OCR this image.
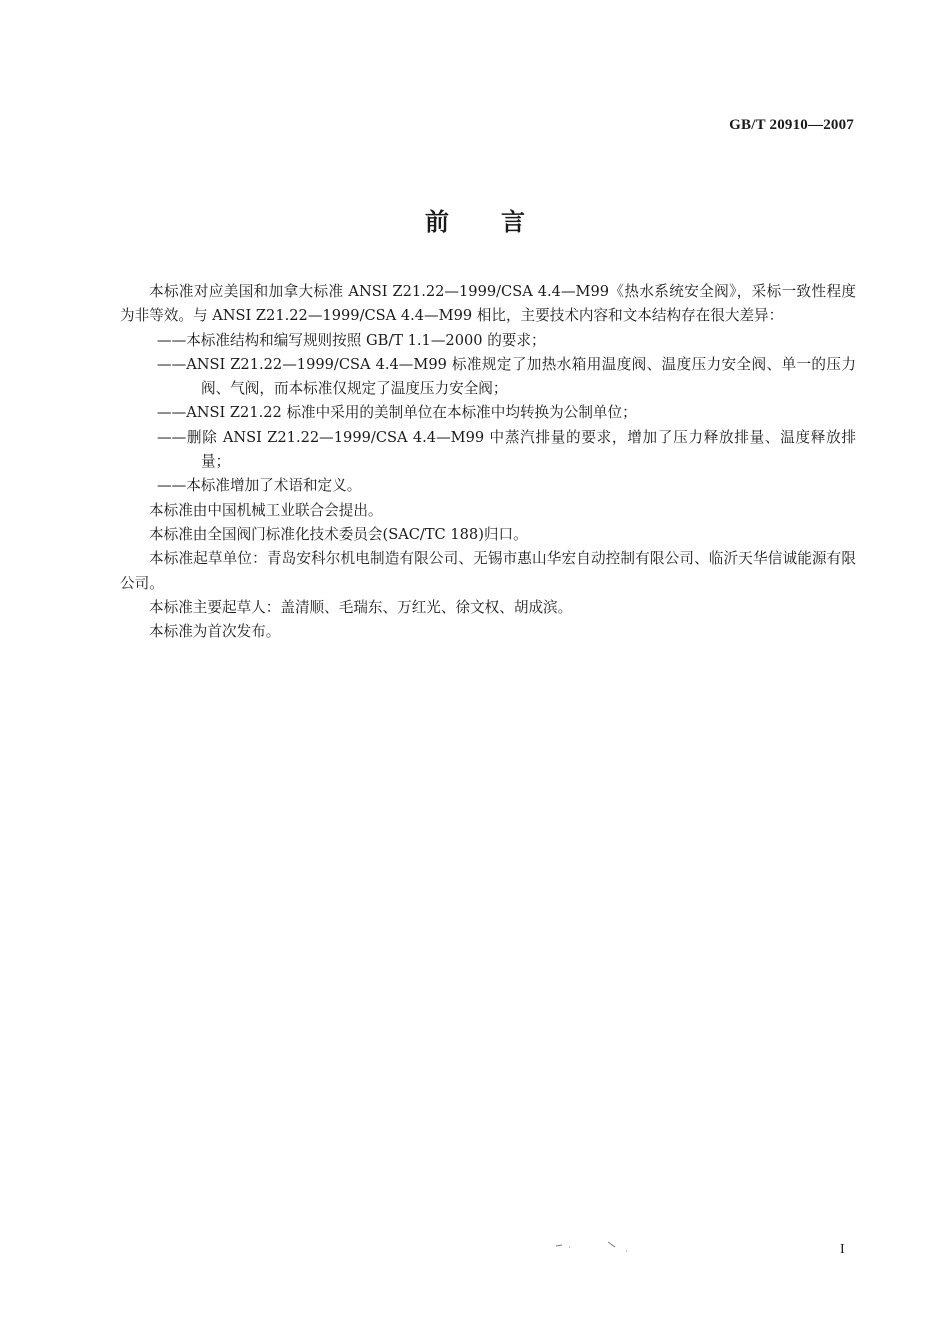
GB/T 20910—2007
前 言

本标准对应美国和加拿大标准 ANSI Z21.22—1999/CSA 4.4—M99《热水系统安全阀》，采标一致性程度为非等效。与 ANSI Z21.22—1999/CSA 4.4—M99 相比，主要技术内容和文本结构存在很大差异：

——本标准结构和编写规则按照 GB/T 1.1—2000 的要求；

——ANSI Z21.22—1999/CSA 4.4—M99 标准规定了加热水箱用温度阀、温度压力安全阀、单一的压力阀、气阀，而本标准仅规定了温度压力安全阀；

——ANSI Z21.22 标准中采用的美制单位在本标准中均转换为公制单位；

——删除 ANSI Z21.22—1999/CSA 4.4—M99 中蒸汽排量的要求，增加了压力释放排量、温度释放排量；

——本标准增加了术语和定义。

本标准由中国机械工业联合会提出。

本标准由全国阀门标准化技术委员会(SAC/TC 188)归口。

本标准起草单位：青岛安科尔机电制造有限公司、无锡市惠山华宏自动控制有限公司、临沂天华信诚能源有限公司。

本标准主要起草人：盖清顺、毛瑞东、万红光、徐文权、胡成滨。

本标准为首次发布。

I
